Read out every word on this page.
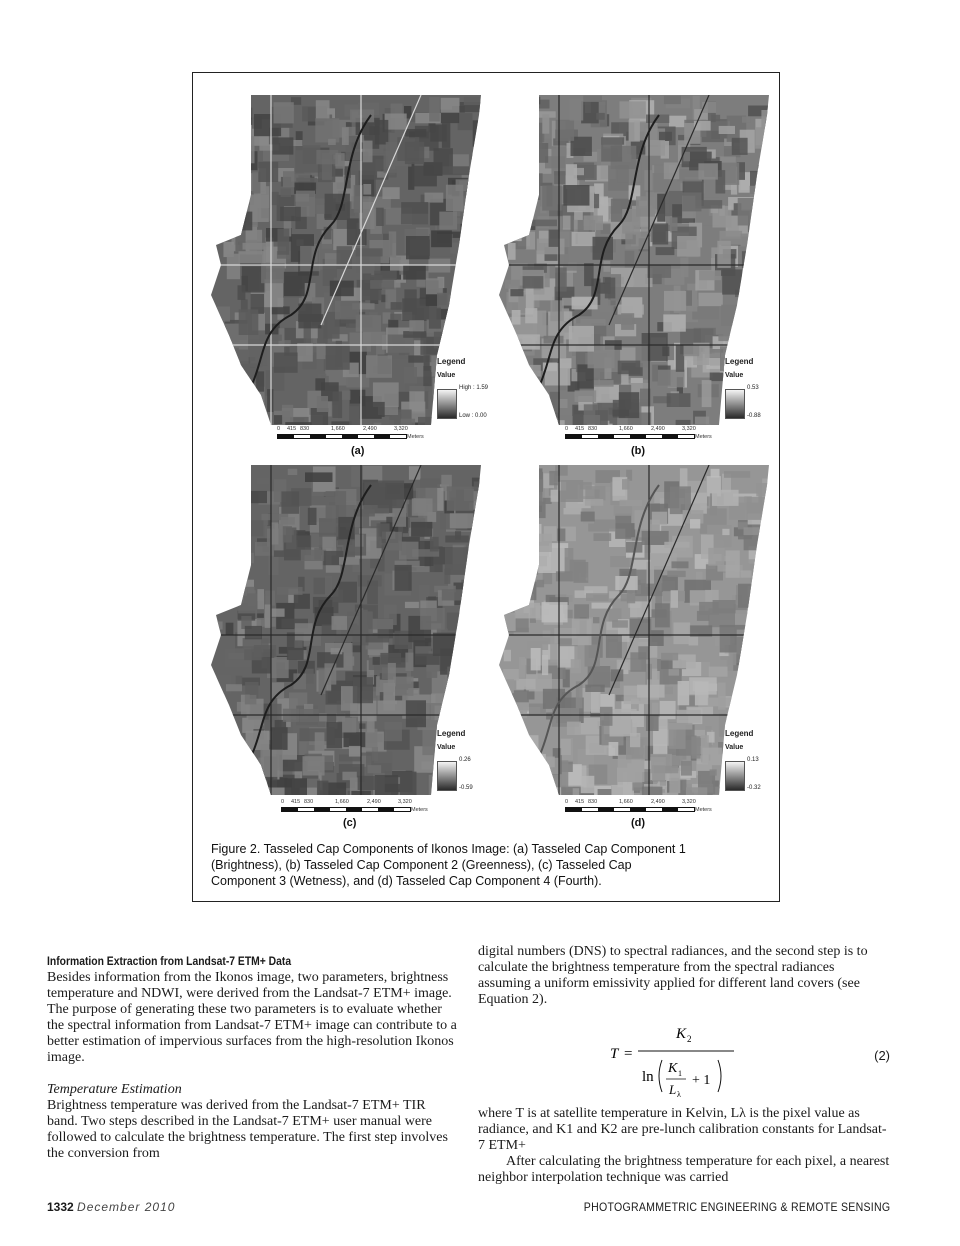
Legend
Value
High : 1.59
Low : 0.00
0 415 830	1,660	2,490	3,320
Meters
(a)
Legend
Value
0.53
-0.88
0 415 830	1,660	2,490	3,320
Meters
(b)
Legend
Value
0.26
-0.59
0 415 830	1,660	2,490	3,320
Meters
(c)
Legend
Value
0.13
-0.32
0 415 830	1,660	2,490	3,320
Meters
(d)
Figure 2. Tasseled Cap Components of Ikonos Image: (a) Tasseled Cap Component 1
(Brightness), (b) Tasseled Cap Component 2 (Greenness), (c) Tasseled Cap
Component 3 (Wetness), and (d) Tasseled Cap Component 4 (Fourth).
Information Extraction from Landsat-7 ETM+ Data

Besides information from the Ikonos image, two parameters, brightness temperature and NDWI, were derived from the Landsat-7 ETM+ image. The purpose of generating these two parameters is to evaluate whether the spectral information from Landsat-7 ETM+ image can contribute to a better estimation of impervious surfaces from the high-resolution Ikonos image.

Temperature Estimation

Brightness temperature was derived from the Landsat-7 ETM+ TIR band. Two steps described in the Landsat-7 ETM+ user manual were followed to calculate the brightness temperature. The first step involves the conversion from

digital numbers (DNS) to spectral radiances, and the second step is to calculate the brightness temperature from the spectral radiances assuming a uniform emissivity applied for different land covers (see Equation 2).

T =
K 2
ln
K 1
L λ
+ 1
(2)

where T is at satellite temperature in Kelvin, Lλ is the pixel value as radiance, and K1 and K2 are pre-lunch calibration constants for Landsat-7 ETM+

After calculating the brightness temperature for each pixel, a nearest neighbor interpolation technique was carried

1332 December 2010	PHOTOGRAMMETRIC ENGINEERING & REMOTE SENSING
